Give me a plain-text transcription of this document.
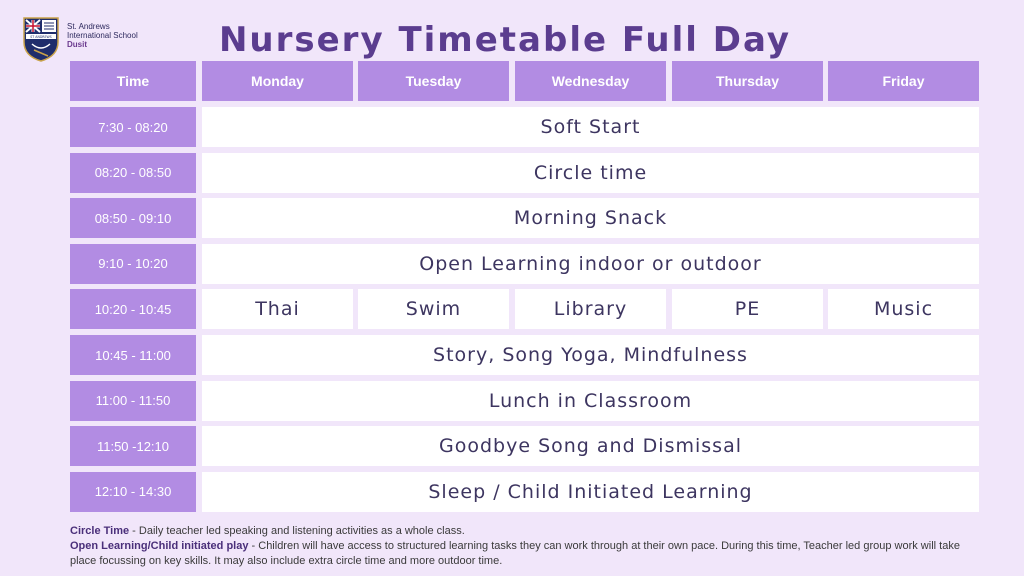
ST ANDREWS
St. Andrews
International School
Dusit	Nursery Timetable Full Day
Time	Monday	Tuesday	Wednesday	Thursday	Friday
7:30 - 08:20	Soft Start
08:20 - 08:50	Circle time
08:50 - 09:10	Morning Snack
9:10 - 10:20	Open Learning indoor or outdoor
10:20 - 10:45	Thai	Swim	Library	PE	Music
10:45 - 11:00	Story, Song Yoga, Mindfulness
11:00 - 11:50	Lunch in Classroom
11:50 -12:10	Goodbye Song and Dismissal
12:10 - 14:30	Sleep / Child Initiated Learning
Circle Time - Daily teacher led speaking and listening activities as a whole class.
Open Learning/Child initiated play - Children will have access to structured learning tasks they can work through at their own pace. During this time, Teacher led group work will take place focussing on key skills. It may also include extra circle time and more outdoor time.
